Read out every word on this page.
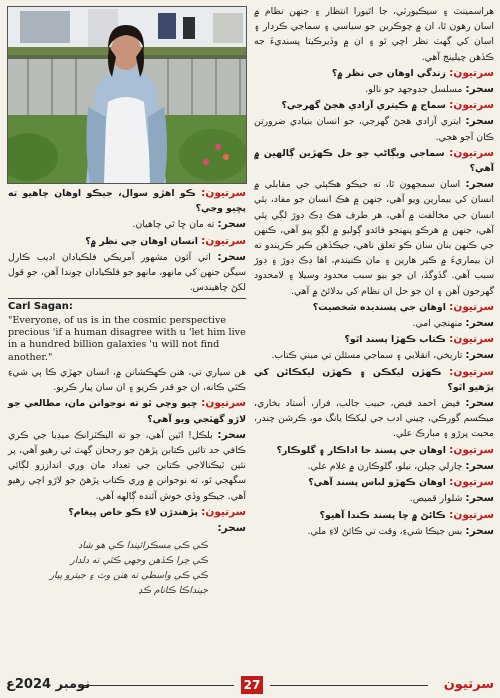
هراسمينٽ ۽ سيڪيورٽي، جا اٿيورا انتظار ۽ جنهن نظام ۾ اسان رهون ٿا، ان ۾ چوڪرين جو سياسي ۽ سماجي ڪردار ۽ اسان کي گهٽ نظر اچي ٿو ۽ ان ۾ وڏيرڪيتا پسنديءَ جه ڪڏهن چيلينج آهي.

سرتيون: زندگي اوهان جي نظر ۾؟

سحر: مسلسل جدوجهد جو نالو.

سرتيون: سماج ۾ ڪيتري آزادي هجڻ گهرجي؟

سحر: ايتري آزادي هجڻ گهرجي، جو انسان بنيادي ضرورتن ڪان آجو هجي.

سرتيون: سماجي ويڳاڻپ جو حل ڪهڙين ڳالهين ۾ آهي؟

سحر: اسان سمجهون ٿا، ته جيڪو هڪٻئي جي مقابلي ۾ انسان کي بيمارين ويو آهي، جنهن ۾ هڪ انسان جو مفاد، ٻئي انسان جي مخالفت ۾ آهي، هر طرف هڪ ڊڪ ڊوڙ لڳي پئي آهي، جنهن ۾ هرڪو پنهنجو فائدو ڳوليو ۾ لڳو پيو آهي، ڪنهن جي ڪنهن بنان سان ڪو تعلق ناهي، جيڪڏهن ڪير ڪريندو ته ان بيماريءَ ۾ ڪير هارين ۽ مان ڪنيندم، اها ڊڪ ڊوڙ ۽ ڊوڙ سبب آهي. گڏوگڏ، ان جو بيو سبب محدود وسيلا ۽ لامحدود گهرجون آهن ۽ ان جو حل ان نظام کي بدلائڻ ۾ آهي.

سرتيون: اوهان جي پسنديده شخصيت؟

سحر: منهنجي امي.

سرتيون: ڪتاب ڪهڙا پسند اٿو؟

سحر: تاريخي، انقلابي ۽ سماجي مسئلن تي مبني ڪتاب.

سرتيون: ڪهڙن ليکڪن ۽ ڪهڙن ليکڪائن کي پڙهيو اٿو؟

سحر: فيض احمد فيض، حبيب جالب، فراز، أستاد بخاري، ميڪسم گورڪي، چيني ادب جي ليکڪا يانگ مو، ڪرشن چندر، محبت پرڙو ۽ مبارڪ علي.

سرتيون: اوهان جي پسند جا اداڪار ۽ گلوڪار؟

سحر: چارلي چپلن، نيلو، گلوڪارن ۾ غلام علي.

سرتيون: اوهان ڪهڙو لباس پسند آهي؟

سحر: شلوار قميص.

سرتيون: ڪائڻ ۾ ڇا پسند ڪندا آهيو؟

سحر: بس جيڪا شيءِ، وقت تي ڪائڻ لاءِ ملي.

سرتيون: ڪو اهڙو سوال، جيڪو اوهان چاهيو ته پڇيو وڃي؟

سحر: ته مان ڇا ٿي چاهيان.

سرتيون: انسان اوهان جي نظر ۾؟

سحر: اتي آئون مشهور آمريڪي فلڪيادان اديب ڪارل سيگن جنهن کي مانهو، مانهو جو فلڪيادان چوندا آهن، جو قول لکڻ چاهيندس.

Carl Sagan:

"Everyone, of us is in the cosmic perspective precious 'if a human disagree with u 'let him live in a hundred billion galaxies 'u will not find another."

هن سياري تي، هنن ڪهڪشانن ۾، انسان جهڙي ڪا ٻي شيءِ ڪٿي ڪانه، ان جو قدر ڪريو ۽ ان سان پيار ڪريو.

سرتيون: ڇيو وچي ٿو ته نوجوانن مان، مطالعي جو لاڙو گهٽجي ويو آهي؟

سحر: بلڪل! اٿين آهي، جو ته اليڪٽرانڪ ميڊيا جي ڪري ڪافي حد تائين ڪتابن پڙهڻ جو رجحان گهٽ ٿي رهيو آهي، پر نئين ٽيڪنالاجي ڪتابن جي تعداد مان وري انداززو لڳائي سگهجي ٿو، ته نوجوانن ۾ وري ڪتاب پڙهڻ جو لاڙو اچي رهيو آهي. جيڪو وڏي خوش آئنده ڳالهه آهي.

سرتيون: پڙهندڙن لاءِ ڪو خاص پيغام؟

سحر:

ڪي ڪي مسڪرائيندا ڪي هو شاد
ڪي چرا ڪڏهن وجهي ڪٿي ته دلدار
ڪي ڪي واسطي ته هنن وٽ ۽ جيترو پيار
جينداڪا ڪانام ڪڍ
نومبر 2024ع	27	سرتيون
